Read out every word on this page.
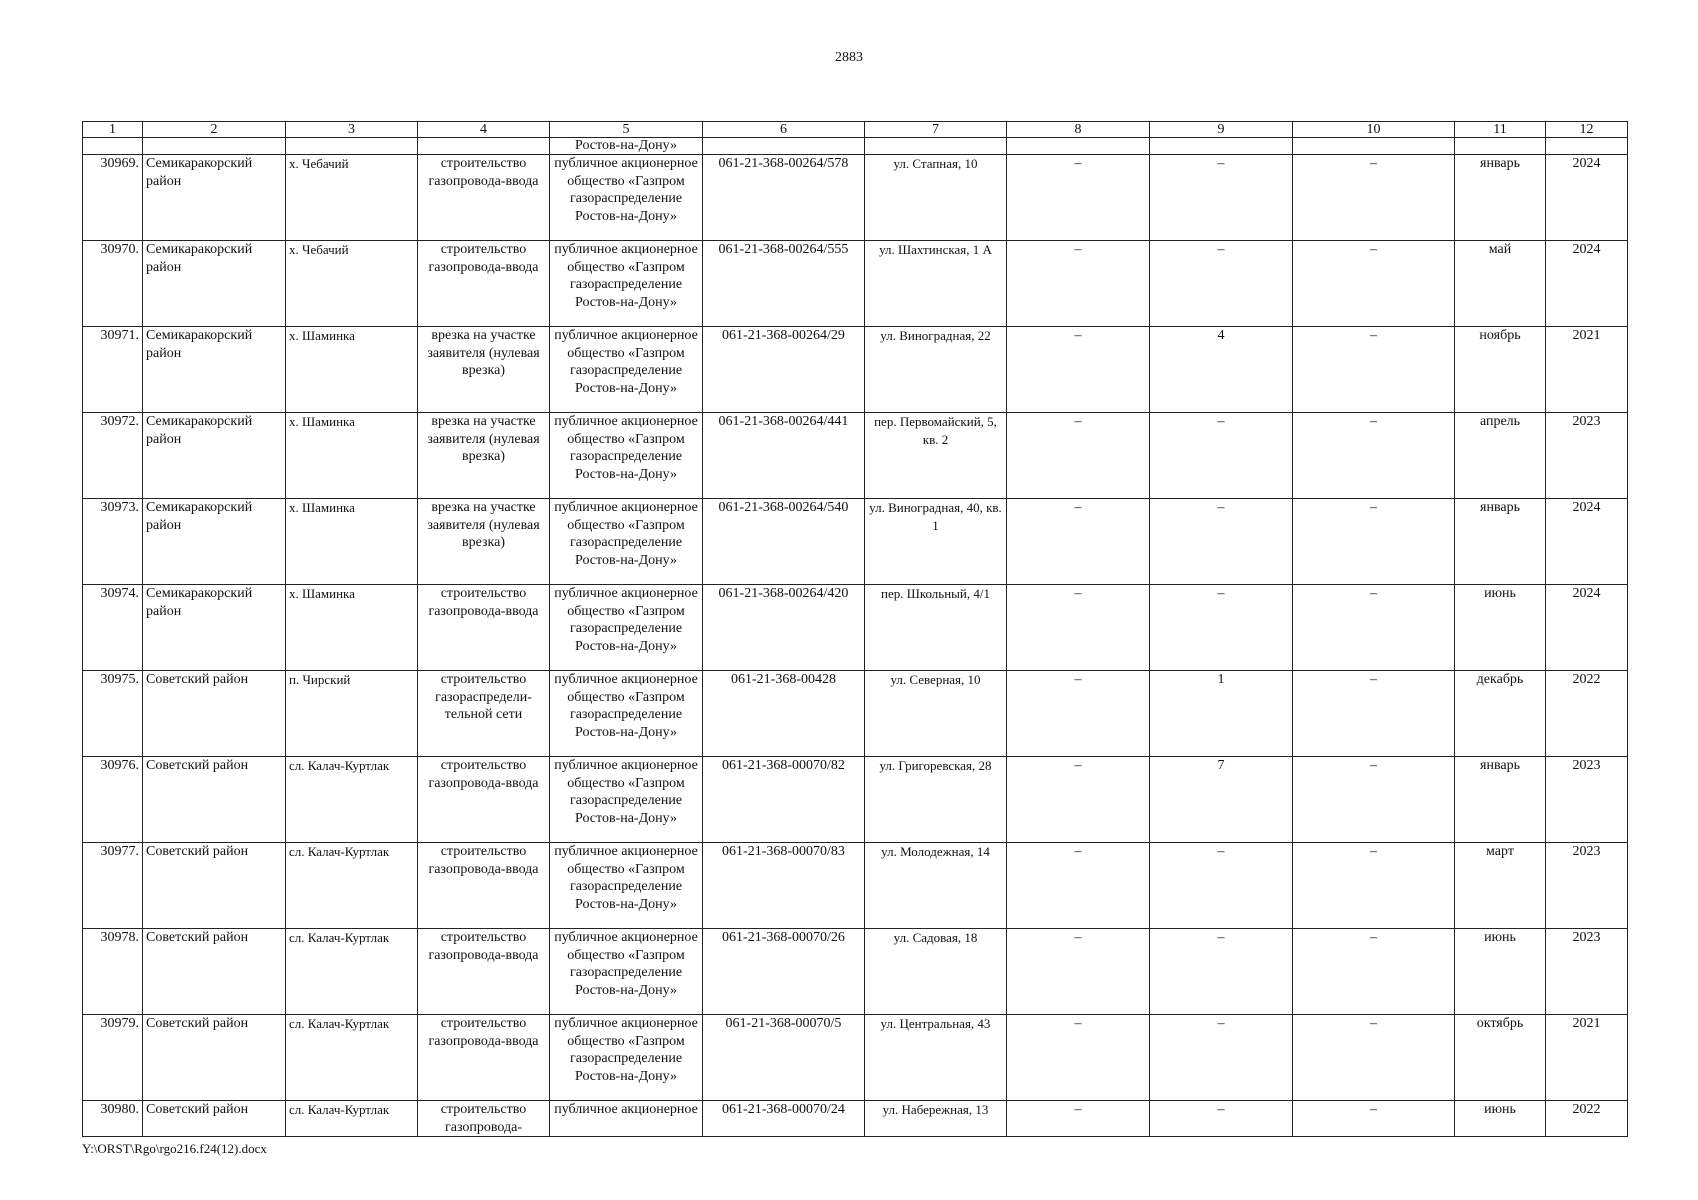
2883
1	2	3	4	5	6	7	8	9	10	11	12
				Ростов-на-Дону»							
30969.	Семикаракорский район	х. Чебачий	строительство газопровода-ввода	публичное акционерное общество «Газпром газораспределение Ростов-на-Дону»	061-21-368-00264/578	ул. Стапная, 10	–	–	–	январь	2024
30970.	Семикаракорский район	х. Чебачий	строительство газопровода-ввода	публичное акционерное общество «Газпром газораспределение Ростов-на-Дону»	061-21-368-00264/555	ул. Шахтинская, 1 А	–	–	–	май	2024
30971.	Семикаракорский район	х. Шаминка	врезка на участке заявителя (нулевая врезка)	публичное акционерное общество «Газпром газораспределение Ростов-на-Дону»	061-21-368-00264/29	ул. Виноградная, 22	–	4	–	ноябрь	2021
30972.	Семикаракорский район	х. Шаминка	врезка на участке заявителя (нулевая врезка)	публичное акционерное общество «Газпром газораспределение Ростов-на-Дону»	061-21-368-00264/441	пер. Первомайский, 5, кв. 2	–	–	–	апрель	2023
30973.	Семикаракорский район	х. Шаминка	врезка на участке заявителя (нулевая врезка)	публичное акционерное общество «Газпром газораспределение Ростов-на-Дону»	061-21-368-00264/540	ул. Виноградная, 40, кв. 1	–	–	–	январь	2024
30974.	Семикаракорский район	х. Шаминка	строительство газопровода-ввода	публичное акционерное общество «Газпром газораспределение Ростов-на-Дону»	061-21-368-00264/420	пер. Школьный, 4/1	–	–	–	июнь	2024
30975.	Советский район	п. Чирский	строительство газораспредели-тельной сети	публичное акционерное общество «Газпром газораспределение Ростов-на-Дону»	061-21-368-00428	ул. Северная, 10	–	1	–	декабрь	2022
30976.	Советский район	сл. Калач-Куртлак	строительство газопровода-ввода	публичное акционерное общество «Газпром газораспределение Ростов-на-Дону»	061-21-368-00070/82	ул. Григоревская, 28	–	7	–	январь	2023
30977.	Советский район	сл. Калач-Куртлак	строительство газопровода-ввода	публичное акционерное общество «Газпром газораспределение Ростов-на-Дону»	061-21-368-00070/83	ул. Молодежная, 14	–	–	–	март	2023
30978.	Советский район	сл. Калач-Куртлак	строительство газопровода-ввода	публичное акционерное общество «Газпром газораспределение Ростов-на-Дону»	061-21-368-00070/26	ул. Садовая, 18	–	–	–	июнь	2023
30979.	Советский район	сл. Калач-Куртлак	строительство газопровода-ввода	публичное акционерное общество «Газпром газораспределение Ростов-на-Дону»	061-21-368-00070/5	ул. Центральная, 43	–	–	–	октябрь	2021
30980.	Советский район	сл. Калач-Куртлак	строительство газопровода-	публичное акционерное	061-21-368-00070/24	ул. Набережная, 13	–	–	–	июнь	2022
Y:\ORST\Rgo\rgo216.f24(12).docx
